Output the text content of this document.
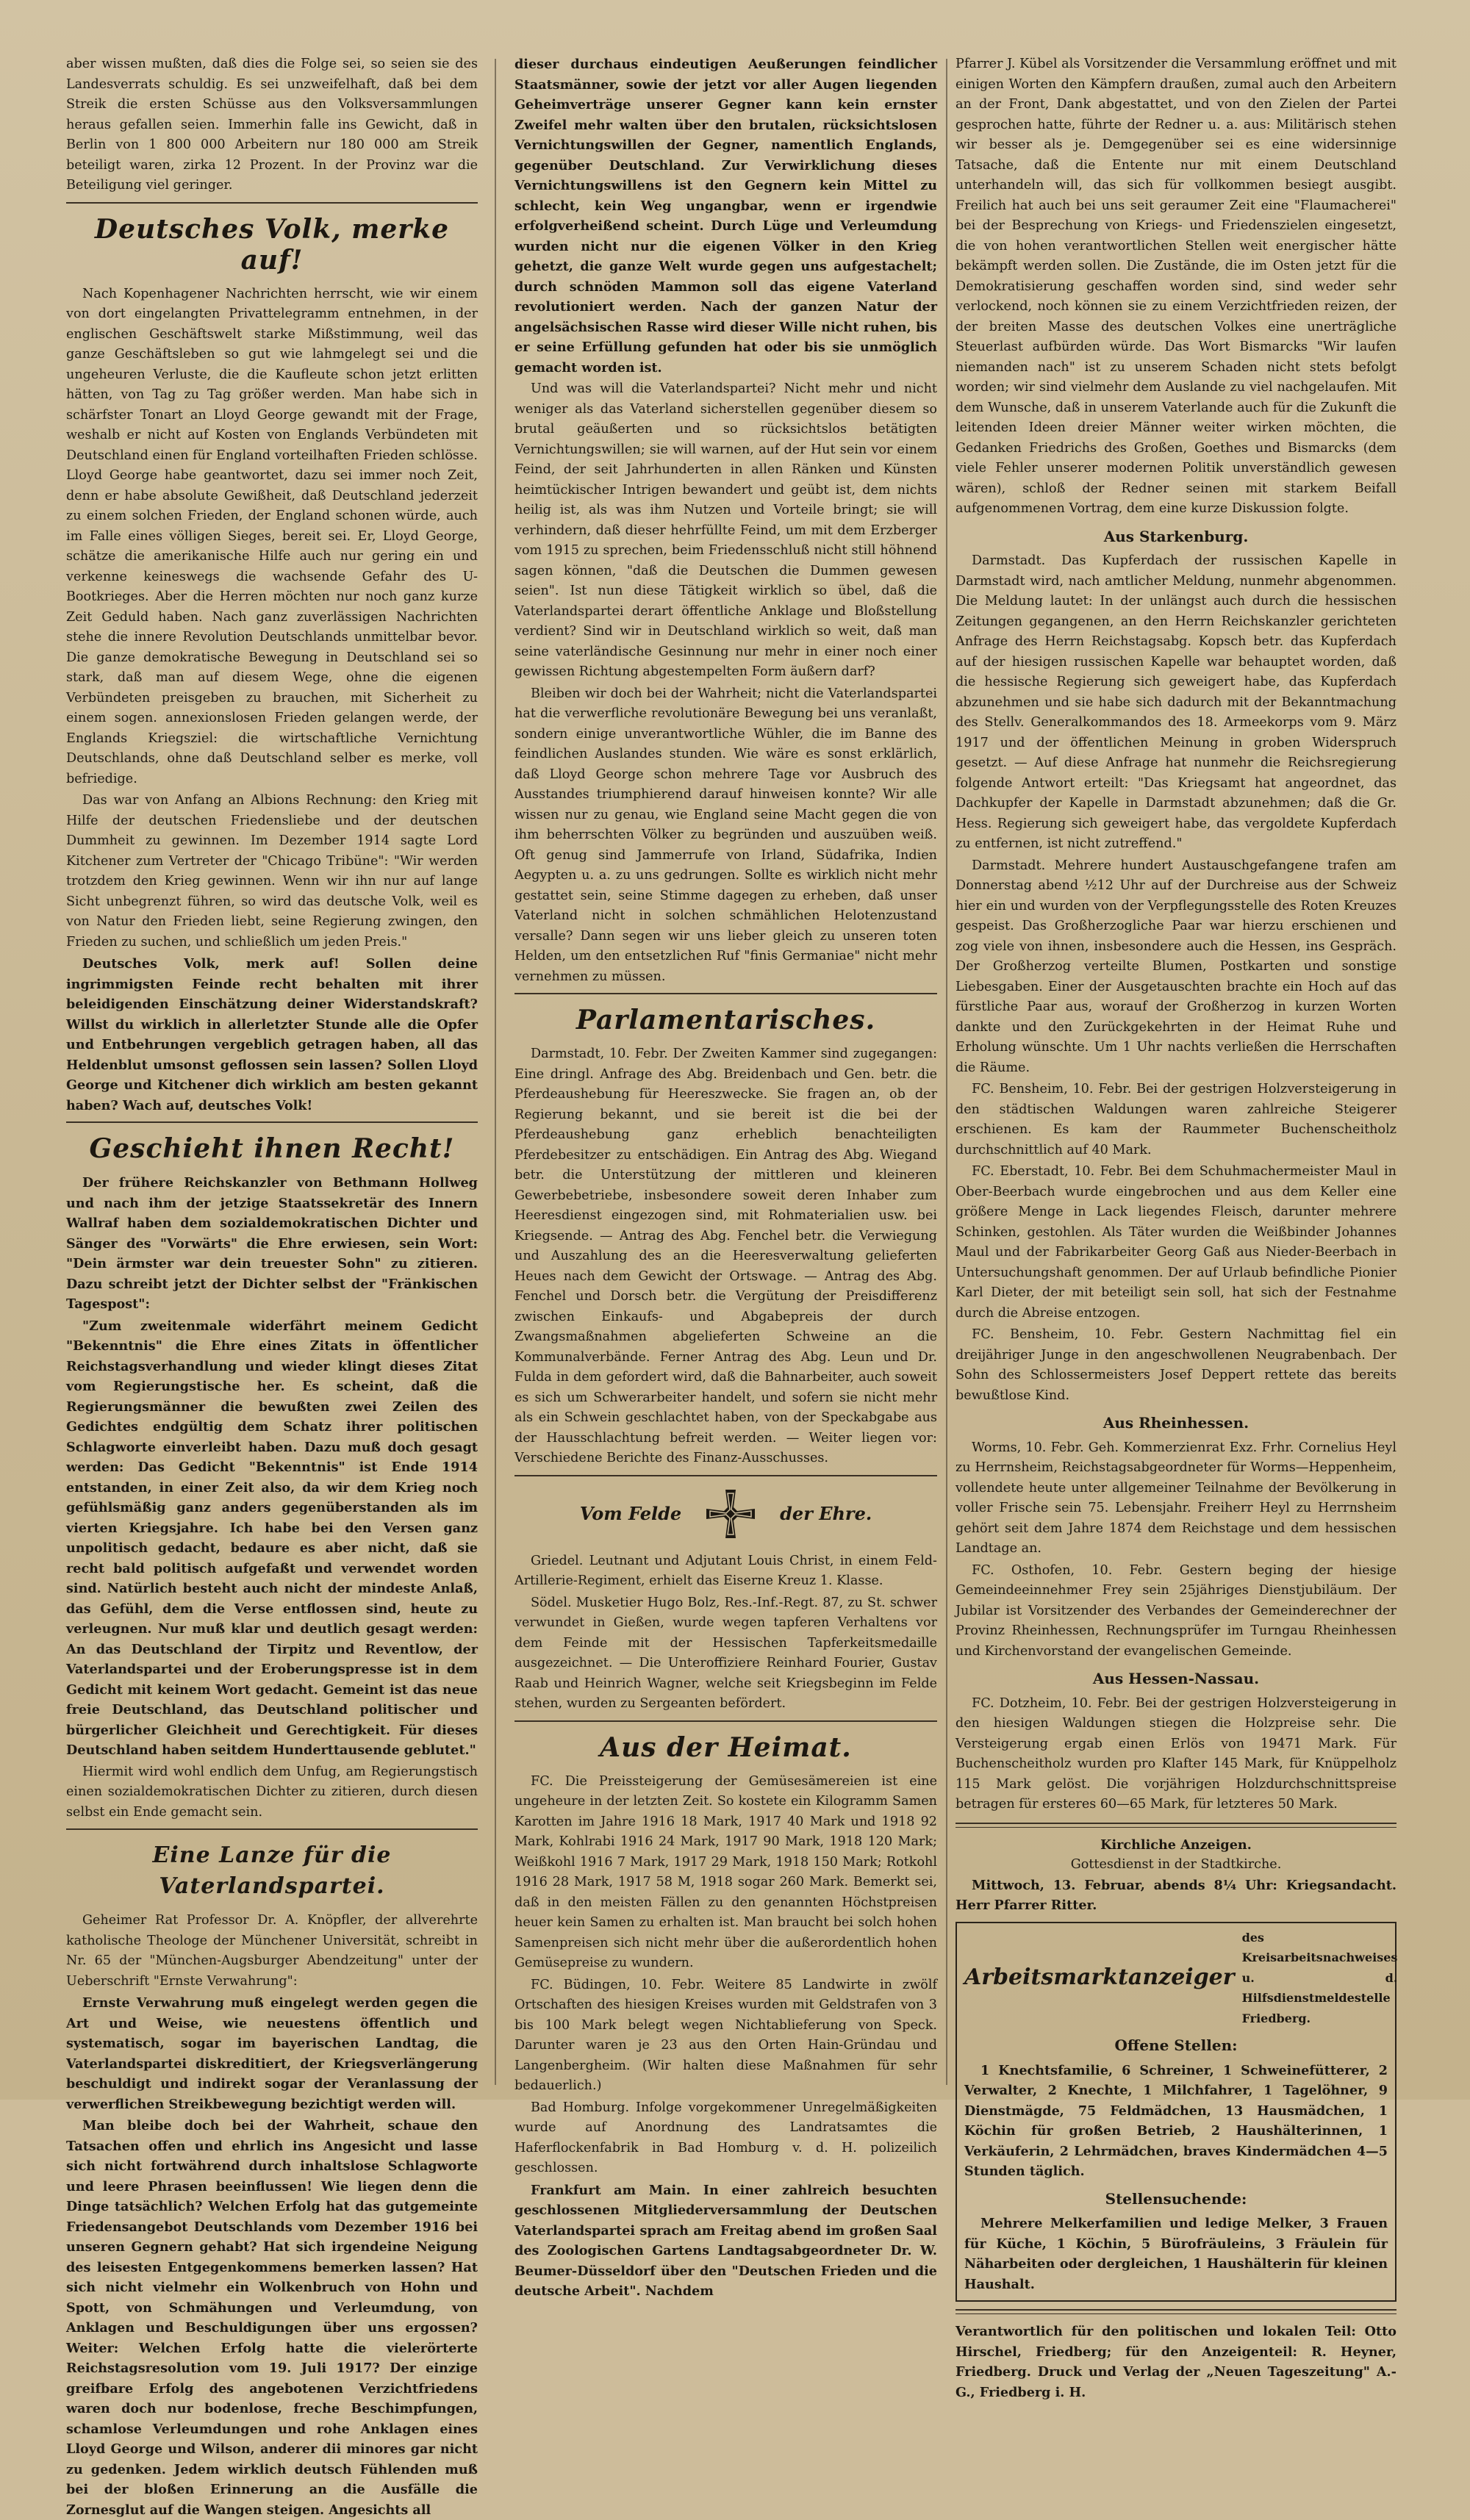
aber wissen mußten, daß dies die Folge sei, so seien sie des Landesverrats schuldig. Es sei unzweifelhaft, daß bei dem Streik die ersten Schüsse aus den Volksversammlungen heraus gefallen seien. Immerhin falle ins Gewicht, daß in Berlin von 1 800 000 Arbeitern nur 180 000 am Streik beteiligt waren, zirka 12 Prozent. In der Provinz war die Beteiligung viel geringer.

Deutsches Volk, merke auf!

Nach Kopenhagener Nachrichten herrscht, wie wir einem von dort eingelangten Privattelegramm entnehmen, in der englischen Geschäftswelt starke Mißstimmung, weil das ganze Geschäftsleben so gut wie lahmgelegt sei und die ungeheuren Verluste, die die Kaufleute schon jetzt erlitten hätten, von Tag zu Tag größer werden. Man habe sich in schärfster Tonart an Lloyd George gewandt mit der Frage, weshalb er nicht auf Kosten von Englands Verbündeten mit Deutschland einen für England vorteilhaften Frieden schlösse. Lloyd George habe geantwortet, dazu sei immer noch Zeit, denn er habe absolute Gewißheit, daß Deutschland jederzeit zu einem solchen Frieden, der England schonen würde, auch im Falle eines völligen Sieges, bereit sei. Er, Lloyd George, schätze die amerikanische Hilfe auch nur gering ein und verkenne keineswegs die wachsende Gefahr des U-Bootkrieges. Aber die Herren möchten nur noch ganz kurze Zeit Geduld haben. Nach ganz zuverlässigen Nachrichten stehe die innere Revolution Deutschlands unmittelbar bevor. Die ganze demokratische Bewegung in Deutschland sei so stark, daß man auf diesem Wege, ohne die eigenen Verbündeten preisgeben zu brauchen, mit Sicherheit zu einem sogen. annexionslosen Frieden gelangen werde, der Englands Kriegsziel: die wirtschaftliche Vernichtung Deutschlands, ohne daß Deutschland selber es merke, voll befriedige.

Das war von Anfang an Albions Rechnung: den Krieg mit Hilfe der deutschen Friedensliebe und der deutschen Dummheit zu gewinnen. Im Dezember 1914 sagte Lord Kitchener zum Vertreter der "Chicago Tribüne": "Wir werden trotzdem den Krieg gewinnen. Wenn wir ihn nur auf lange Sicht unbegrenzt führen, so wird das deutsche Volk, weil es von Natur den Frieden liebt, seine Regierung zwingen, den Frieden zu suchen, und schließlich um jeden Preis."

Deutsches Volk, merk auf! Sollen deine ingrimmigsten Feinde recht behalten mit ihrer beleidigenden Einschätzung deiner Widerstandskraft? Willst du wirklich in allerletzter Stunde alle die Opfer und Entbehrungen vergeblich getragen haben, all das Heldenblut umsonst geflossen sein lassen? Sollen Lloyd George und Kitchener dich wirklich am besten gekannt haben? Wach auf, deutsches Volk!

Geschieht ihnen Recht!

Der frühere Reichskanzler von Bethmann Hollweg und nach ihm der jetzige Staatssekretär des Innern Wallraf haben dem sozialdemokratischen Dichter und Sänger des "Vorwärts" die Ehre erwiesen, sein Wort: "Dein ärmster war dein treuester Sohn" zu zitieren. Dazu schreibt jetzt der Dichter selbst der "Fränkischen Tagespost":

"Zum zweitenmale widerfährt meinem Gedicht "Bekenntnis" die Ehre eines Zitats in öffentlicher Reichstagsverhandlung und wieder klingt dieses Zitat vom Regierungstische her. Es scheint, daß die Regierungsmänner die bewußten zwei Zeilen des Gedichtes endgültig dem Schatz ihrer politischen Schlagworte einverleibt haben. Dazu muß doch gesagt werden: Das Gedicht "Bekenntnis" ist Ende 1914 entstanden, in einer Zeit also, da wir dem Krieg noch gefühlsmäßig ganz anders gegenüberstanden als im vierten Kriegsjahre. Ich habe bei den Versen ganz unpolitisch gedacht, bedaure es aber nicht, daß sie recht bald politisch aufgefaßt und verwendet worden sind. Natürlich besteht auch nicht der mindeste Anlaß, das Gefühl, dem die Verse entflossen sind, heute zu verleugnen. Nur muß klar und deutlich gesagt werden: An das Deutschland der Tirpitz und Reventlow, der Vaterlandspartei und der Eroberungspresse ist in dem Gedicht mit keinem Wort gedacht. Gemeint ist das neue freie Deutschland, das Deutschland politischer und bürgerlicher Gleichheit und Gerechtigkeit. Für dieses Deutschland haben seitdem Hunderttausende geblutet."

Hiermit wird wohl endlich dem Unfug, am Regierungstisch einen sozialdemokratischen Dichter zu zitieren, durch diesen selbst ein Ende gemacht sein.

Eine Lanze für die Vaterlandspartei.

Geheimer Rat Professor Dr. A. Knöpfler, der allverehrte katholische Theologe der Münchener Universität, schreibt in Nr. 65 der "München-Augsburger Abendzeitung" unter der Ueberschrift "Ernste Verwahrung":

Ernste Verwahrung muß eingelegt werden gegen die Art und Weise, wie neuestens öffentlich und systematisch, sogar im bayerischen Landtag, die Vaterlandspartei diskreditiert, der Kriegsverlängerung beschuldigt und indirekt sogar der Veranlassung der verwerflichen Streikbewegung bezichtigt werden will.

Man bleibe doch bei der Wahrheit, schaue den Tatsachen offen und ehrlich ins Angesicht und lasse sich nicht fortwährend durch inhaltslose Schlagworte und leere Phrasen beeinflussen! Wie liegen denn die Dinge tatsächlich? Welchen Erfolg hat das gutgemeinte Friedensangebot Deutschlands vom Dezember 1916 bei unseren Gegnern gehabt? Hat sich irgendeine Neigung des leisesten Entgegenkommens bemerken lassen? Hat sich nicht vielmehr ein Wolkenbruch von Hohn und Spott, von Schmähungen und Verleumdung, von Anklagen und Beschuldigungen über uns ergossen? Weiter: Welchen Erfolg hatte die vielerörterte Reichstagsresolution vom 19. Juli 1917? Der einzige greifbare Erfolg des angebotenen Verzichtfriedens waren doch nur bodenlose, freche Beschimpfungen, schamlose Verleumdungen und rohe Anklagen eines Lloyd George und Wilson, anderer dii minores gar nicht zu gedenken. Jedem wirklich deutsch Fühlenden muß bei der bloßen Erinnerung an die Ausfälle die Zornesglut auf die Wangen steigen. Angesichts all

dieser durchaus eindeutigen Aeußerungen feindlicher Staatsmänner, sowie der jetzt vor aller Augen liegenden Geheimverträge unserer Gegner kann kein ernster Zweifel mehr walten über den brutalen, rücksichtslosen Vernichtungswillen der Gegner, namentlich Englands, gegenüber Deutschland. Zur Verwirklichung dieses Vernichtungswillens ist den Gegnern kein Mittel zu schlecht, kein Weg ungangbar, wenn er irgendwie erfolgverheißend scheint. Durch Lüge und Verleumdung wurden nicht nur die eigenen Völker in den Krieg gehetzt, die ganze Welt wurde gegen uns aufgestachelt; durch schnöden Mammon soll das eigene Vaterland revolutioniert werden. Nach der ganzen Natur der angelsächsischen Rasse wird dieser Wille nicht ruhen, bis er seine Erfüllung gefunden hat oder bis sie unmöglich gemacht worden ist.

Und was will die Vaterlandspartei? Nicht mehr und nicht weniger als das Vaterland sicherstellen gegenüber diesem so brutal geäußerten und so rücksichtslos betätigten Vernichtungswillen; sie will warnen, auf der Hut sein vor einem Feind, der seit Jahrhunderten in allen Ränken und Künsten heimtückischer Intrigen bewandert und geübt ist, dem nichts heilig ist, als was ihm Nutzen und Vorteile bringt; sie will verhindern, daß dieser hehrfüllte Feind, um mit dem Erzberger vom 1915 zu sprechen, beim Friedensschluß nicht still höhnend sagen können, "daß die Deutschen die Dummen gewesen seien". Ist nun diese Tätigkeit wirklich so übel, daß die Vaterlandspartei derart öffentliche Anklage und Bloßstellung verdient? Sind wir in Deutschland wirklich so weit, daß man seine vaterländische Gesinnung nur mehr in einer noch einer gewissen Richtung abgestempelten Form äußern darf?

Bleiben wir doch bei der Wahrheit; nicht die Vaterlandspartei hat die verwerfliche revolutionäre Bewegung bei uns veranlaßt, sondern einige unverantwortliche Wühler, die im Banne des feindlichen Auslandes stunden. Wie wäre es sonst erklärlich, daß Lloyd George schon mehrere Tage vor Ausbruch des Ausstandes triumphierend darauf hinweisen konnte? Wir alle wissen nur zu genau, wie England seine Macht gegen die von ihm beherrschten Völker zu begründen und auszuüben weiß. Oft genug sind Jammerrufe von Irland, Südafrika, Indien Aegypten u. a. zu uns gedrungen. Sollte es wirklich nicht mehr gestattet sein, seine Stimme dagegen zu erheben, daß unser Vaterland nicht in solchen schmählichen Helotenzustand versalle? Dann segen wir uns lieber gleich zu unseren toten Helden, um den entsetzlichen Ruf "finis Germaniae" nicht mehr vernehmen zu müssen.

Parlamentarisches.

Darmstadt, 10. Febr. Der Zweiten Kammer sind zugegangen: Eine dringl. Anfrage des Abg. Breidenbach und Gen. betr. die Pferdeaushebung für Heereszwecke. Sie fragen an, ob der Regierung bekannt, und sie bereit ist die bei der Pferdeaushebung ganz erheblich benachteiligten Pferdebesitzer zu entschädigen. Ein Antrag des Abg. Wiegand betr. die Unterstützung der mittleren und kleineren Gewerbebetriebe, insbesondere soweit deren Inhaber zum Heeresdienst eingezogen sind, mit Rohmaterialien usw. bei Kriegsende. — Antrag des Abg. Fenchel betr. die Verwiegung und Auszahlung des an die Heeresverwaltung gelieferten Heues nach dem Gewicht der Ortswage. — Antrag des Abg. Fenchel und Dorsch betr. die Vergütung der Preisdifferenz zwischen Einkaufs- und Abgabepreis der durch Zwangsmaßnahmen abgelieferten Schweine an die Kommunalverbände. Ferner Antrag des Abg. Leun und Dr. Fulda in dem gefordert wird, daß die Bahnarbeiter, auch soweit es sich um Schwerarbeiter handelt, und sofern sie nicht mehr als ein Schwein geschlachtet haben, von der Speckabgabe aus der Hausschlachtung befreit werden. — Weiter liegen vor: Verschiedene Berichte des Finanz-Ausschusses.

Vom Felde	der Ehre.

Griedel. Leutnant und Adjutant Louis Christ, in einem Feld-Artillerie-Regiment, erhielt das Eiserne Kreuz 1. Klasse.

Södel. Musketier Hugo Bolz, Res.-Inf.-Regt. 87, zu St. schwer verwundet in Gießen, wurde wegen tapferen Verhaltens vor dem Feinde mit der Hessischen Tapferkeitsmedaille ausgezeichnet. — Die Unteroffiziere Reinhard Fourier, Gustav Raab und Heinrich Wagner, welche seit Kriegsbeginn im Felde stehen, wurden zu Sergeanten befördert.

Aus der Heimat.

FC. Die Preissteigerung der Gemüsesämereien ist eine ungeheure in der letzten Zeit. So kostete ein Kilogramm Samen Karotten im Jahre 1916 18 Mark, 1917 40 Mark und 1918 92 Mark, Kohlrabi 1916 24 Mark, 1917 90 Mark, 1918 120 Mark; Weißkohl 1916 7 Mark, 1917 29 Mark, 1918 150 Mark; Rotkohl 1916 28 Mark, 1917 58 M, 1918 sogar 260 Mark. Bemerkt sei, daß in den meisten Fällen zu den genannten Höchstpreisen heuer kein Samen zu erhalten ist. Man braucht bei solch hohen Samenpreisen sich nicht mehr über die außerordentlich hohen Gemüsepreise zu wundern.

FC. Büdingen, 10. Febr. Weitere 85 Landwirte in zwölf Ortschaften des hiesigen Kreises wurden mit Geldstrafen von 3 bis 100 Mark belegt wegen Nichtablieferung von Speck. Darunter waren je 23 aus den Orten Hain-Gründau und Langenbergheim. (Wir halten diese Maßnahmen für sehr bedauerlich.)

Bad Homburg. Infolge vorgekommener Unregelmäßigkeiten wurde auf Anordnung des Landratsamtes die Haferflockenfabrik in Bad Homburg v. d. H. polizeilich geschlossen.

Frankfurt am Main. In einer zahlreich besuchten geschlossenen Mitgliederversammlung der Deutschen Vaterlandspartei sprach am Freitag abend im großen Saal des Zoologischen Gartens Landtagsabgeordneter Dr. W. Beumer-Düsseldorf über den "Deutschen Frieden und die deutsche Arbeit". Nachdem

Pfarrer J. Kübel als Vorsitzender die Versammlung eröffnet und mit einigen Worten den Kämpfern draußen, zumal auch den Arbeitern an der Front, Dank abgestattet, und von den Zielen der Partei gesprochen hatte, führte der Redner u. a. aus: Militärisch stehen wir besser als je. Demgegenüber sei es eine widersinnige Tatsache, daß die Entente nur mit einem Deutschland unterhandeln will, das sich für vollkommen besiegt ausgibt. Freilich hat auch bei uns seit geraumer Zeit eine "Flaumacherei" bei der Besprechung von Kriegs- und Friedenszielen eingesetzt, die von hohen verantwortlichen Stellen weit energischer hätte bekämpft werden sollen. Die Zustände, die im Osten jetzt für die Demokratisierung geschaffen worden sind, sind weder sehr verlockend, noch können sie zu einem Verzichtfrieden reizen, der der breiten Masse des deutschen Volkes eine unerträgliche Steuerlast aufbürden würde. Das Wort Bismarcks "Wir laufen niemanden nach" ist zu unserem Schaden nicht stets befolgt worden; wir sind vielmehr dem Auslande zu viel nachgelaufen. Mit dem Wunsche, daß in unserem Vaterlande auch für die Zukunft die leitenden Ideen dreier Männer weiter wirken möchten, die Gedanken Friedrichs des Großen, Goethes und Bismarcks (dem viele Fehler unserer modernen Politik unverständlich gewesen wären), schloß der Redner seinen mit starkem Beifall aufgenommenen Vortrag, dem eine kurze Diskussion folgte.

Aus Starkenburg.

Darmstadt. Das Kupferdach der russischen Kapelle in Darmstadt wird, nach amtlicher Meldung, nunmehr abgenommen. Die Meldung lautet: In der unlängst auch durch die hessischen Zeitungen gegangenen, an den Herrn Reichskanzler gerichteten Anfrage des Herrn Reichstagsabg. Kopsch betr. das Kupferdach auf der hiesigen russischen Kapelle war behauptet worden, daß die hessische Regierung sich geweigert habe, das Kupferdach abzunehmen und sie habe sich dadurch mit der Bekanntmachung des Stellv. Generalkommandos des 18. Armeekorps vom 9. März 1917 und der öffentlichen Meinung in groben Widerspruch gesetzt. — Auf diese Anfrage hat nunmehr die Reichsregierung folgende Antwort erteilt: "Das Kriegsamt hat angeordnet, das Dachkupfer der Kapelle in Darmstadt abzunehmen; daß die Gr. Hess. Regierung sich geweigert habe, das vergoldete Kupferdach zu entfernen, ist nicht zutreffend."

Darmstadt. Mehrere hundert Austauschgefangene trafen am Donnerstag abend ½12 Uhr auf der Durchreise aus der Schweiz hier ein und wurden von der Verpflegungsstelle des Roten Kreuzes gespeist. Das Großherzogliche Paar war hierzu erschienen und zog viele von ihnen, insbesondere auch die Hessen, ins Gespräch. Der Großherzog verteilte Blumen, Postkarten und sonstige Liebesgaben. Einer der Ausgetauschten brachte ein Hoch auf das fürstliche Paar aus, worauf der Großherzog in kurzen Worten dankte und den Zurückgekehrten in der Heimat Ruhe und Erholung wünschte. Um 1 Uhr nachts verließen die Herrschaften die Räume.

FC. Bensheim, 10. Febr. Bei der gestrigen Holzversteigerung in den städtischen Waldungen waren zahlreiche Steigerer erschienen. Es kam der Raummeter Buchenscheitholz durchschnittlich auf 40 Mark.

FC. Eberstadt, 10. Febr. Bei dem Schuhmachermeister Maul in Ober-Beerbach wurde eingebrochen und aus dem Keller eine größere Menge in Lack liegendes Fleisch, darunter mehrere Schinken, gestohlen. Als Täter wurden die Weißbinder Johannes Maul und der Fabrikarbeiter Georg Gaß aus Nieder-Beerbach in Untersuchungshaft genommen. Der auf Urlaub befindliche Pionier Karl Dieter, der mit beteiligt sein soll, hat sich der Festnahme durch die Abreise entzogen.

FC. Bensheim, 10. Febr. Gestern Nachmittag fiel ein dreijähriger Junge in den angeschwollenen Neugrabenbach. Der Sohn des Schlossermeisters Josef Deppert rettete das bereits bewußtlose Kind.

Aus Rheinhessen.

Worms, 10. Febr. Geh. Kommerzienrat Exz. Frhr. Cornelius Heyl zu Herrnsheim, Reichstagsabgeordneter für Worms—Heppenheim, vollendete heute unter allgemeiner Teilnahme der Bevölkerung in voller Frische sein 75. Lebensjahr. Freiherr Heyl zu Herrnsheim gehört seit dem Jahre 1874 dem Reichstage und dem hessischen Landtage an.

FC. Osthofen, 10. Febr. Gestern beging der hiesige Gemeindeeinnehmer Frey sein 25jähriges Dienstjubiläum. Der Jubilar ist Vorsitzender des Verbandes der Gemeinderechner der Provinz Rheinhessen, Rechnungsprüfer im Turngau Rheinhessen und Kirchenvorstand der evangelischen Gemeinde.

Aus Hessen-Nassau.

FC. Dotzheim, 10. Febr. Bei der gestrigen Holzversteigerung in den hiesigen Waldungen stiegen die Holzpreise sehr. Die Versteigerung ergab einen Erlös von 19471 Mark. Für Buchenscheitholz wurden pro Klafter 145 Mark, für Knüppelholz 115 Mark gelöst. Die vorjährigen Holzdurchschnittspreise betragen für ersteres 60—65 Mark, für letzteres 50 Mark.

Kirchliche Anzeigen.
Gottesdienst in der Stadtkirche.

Mittwoch, 13. Februar, abends 8¼ Uhr: Kriegsandacht. Herr Pfarrer Ritter.

Arbeitsmarktanzeiger
des Kreisarbeitsnachweises u. d. Hilfsdienstmeldestelle Friedberg.
Offene Stellen:

1 Knechtsfamilie, 6 Schreiner, 1 Schweinefütterer, 2 Verwalter, 2 Knechte, 1 Milchfahrer, 1 Tagelöhner, 9 Dienstmägde, 75 Feldmädchen, 13 Hausmädchen, 1 Köchin für großen Betrieb, 2 Haushälterinnen, 1 Verkäuferin, 2 Lehrmädchen, braves Kindermädchen 4—5 Stunden täglich.

Stellensuchende:

Mehrere Melkerfamilien und ledige Melker, 3 Frauen für Küche, 1 Köchin, 5 Bürofräuleins, 3 Fräulein für Näharbeiten oder dergleichen, 1 Haushälterin für kleinen Haushalt.

Verantwortlich für den politischen und lokalen Teil: Otto Hirschel, Friedberg; für den Anzeigenteil: R. Heyner, Friedberg. Druck und Verlag der „Neuen Tageszeitung" A.-G., Friedberg i. H.
